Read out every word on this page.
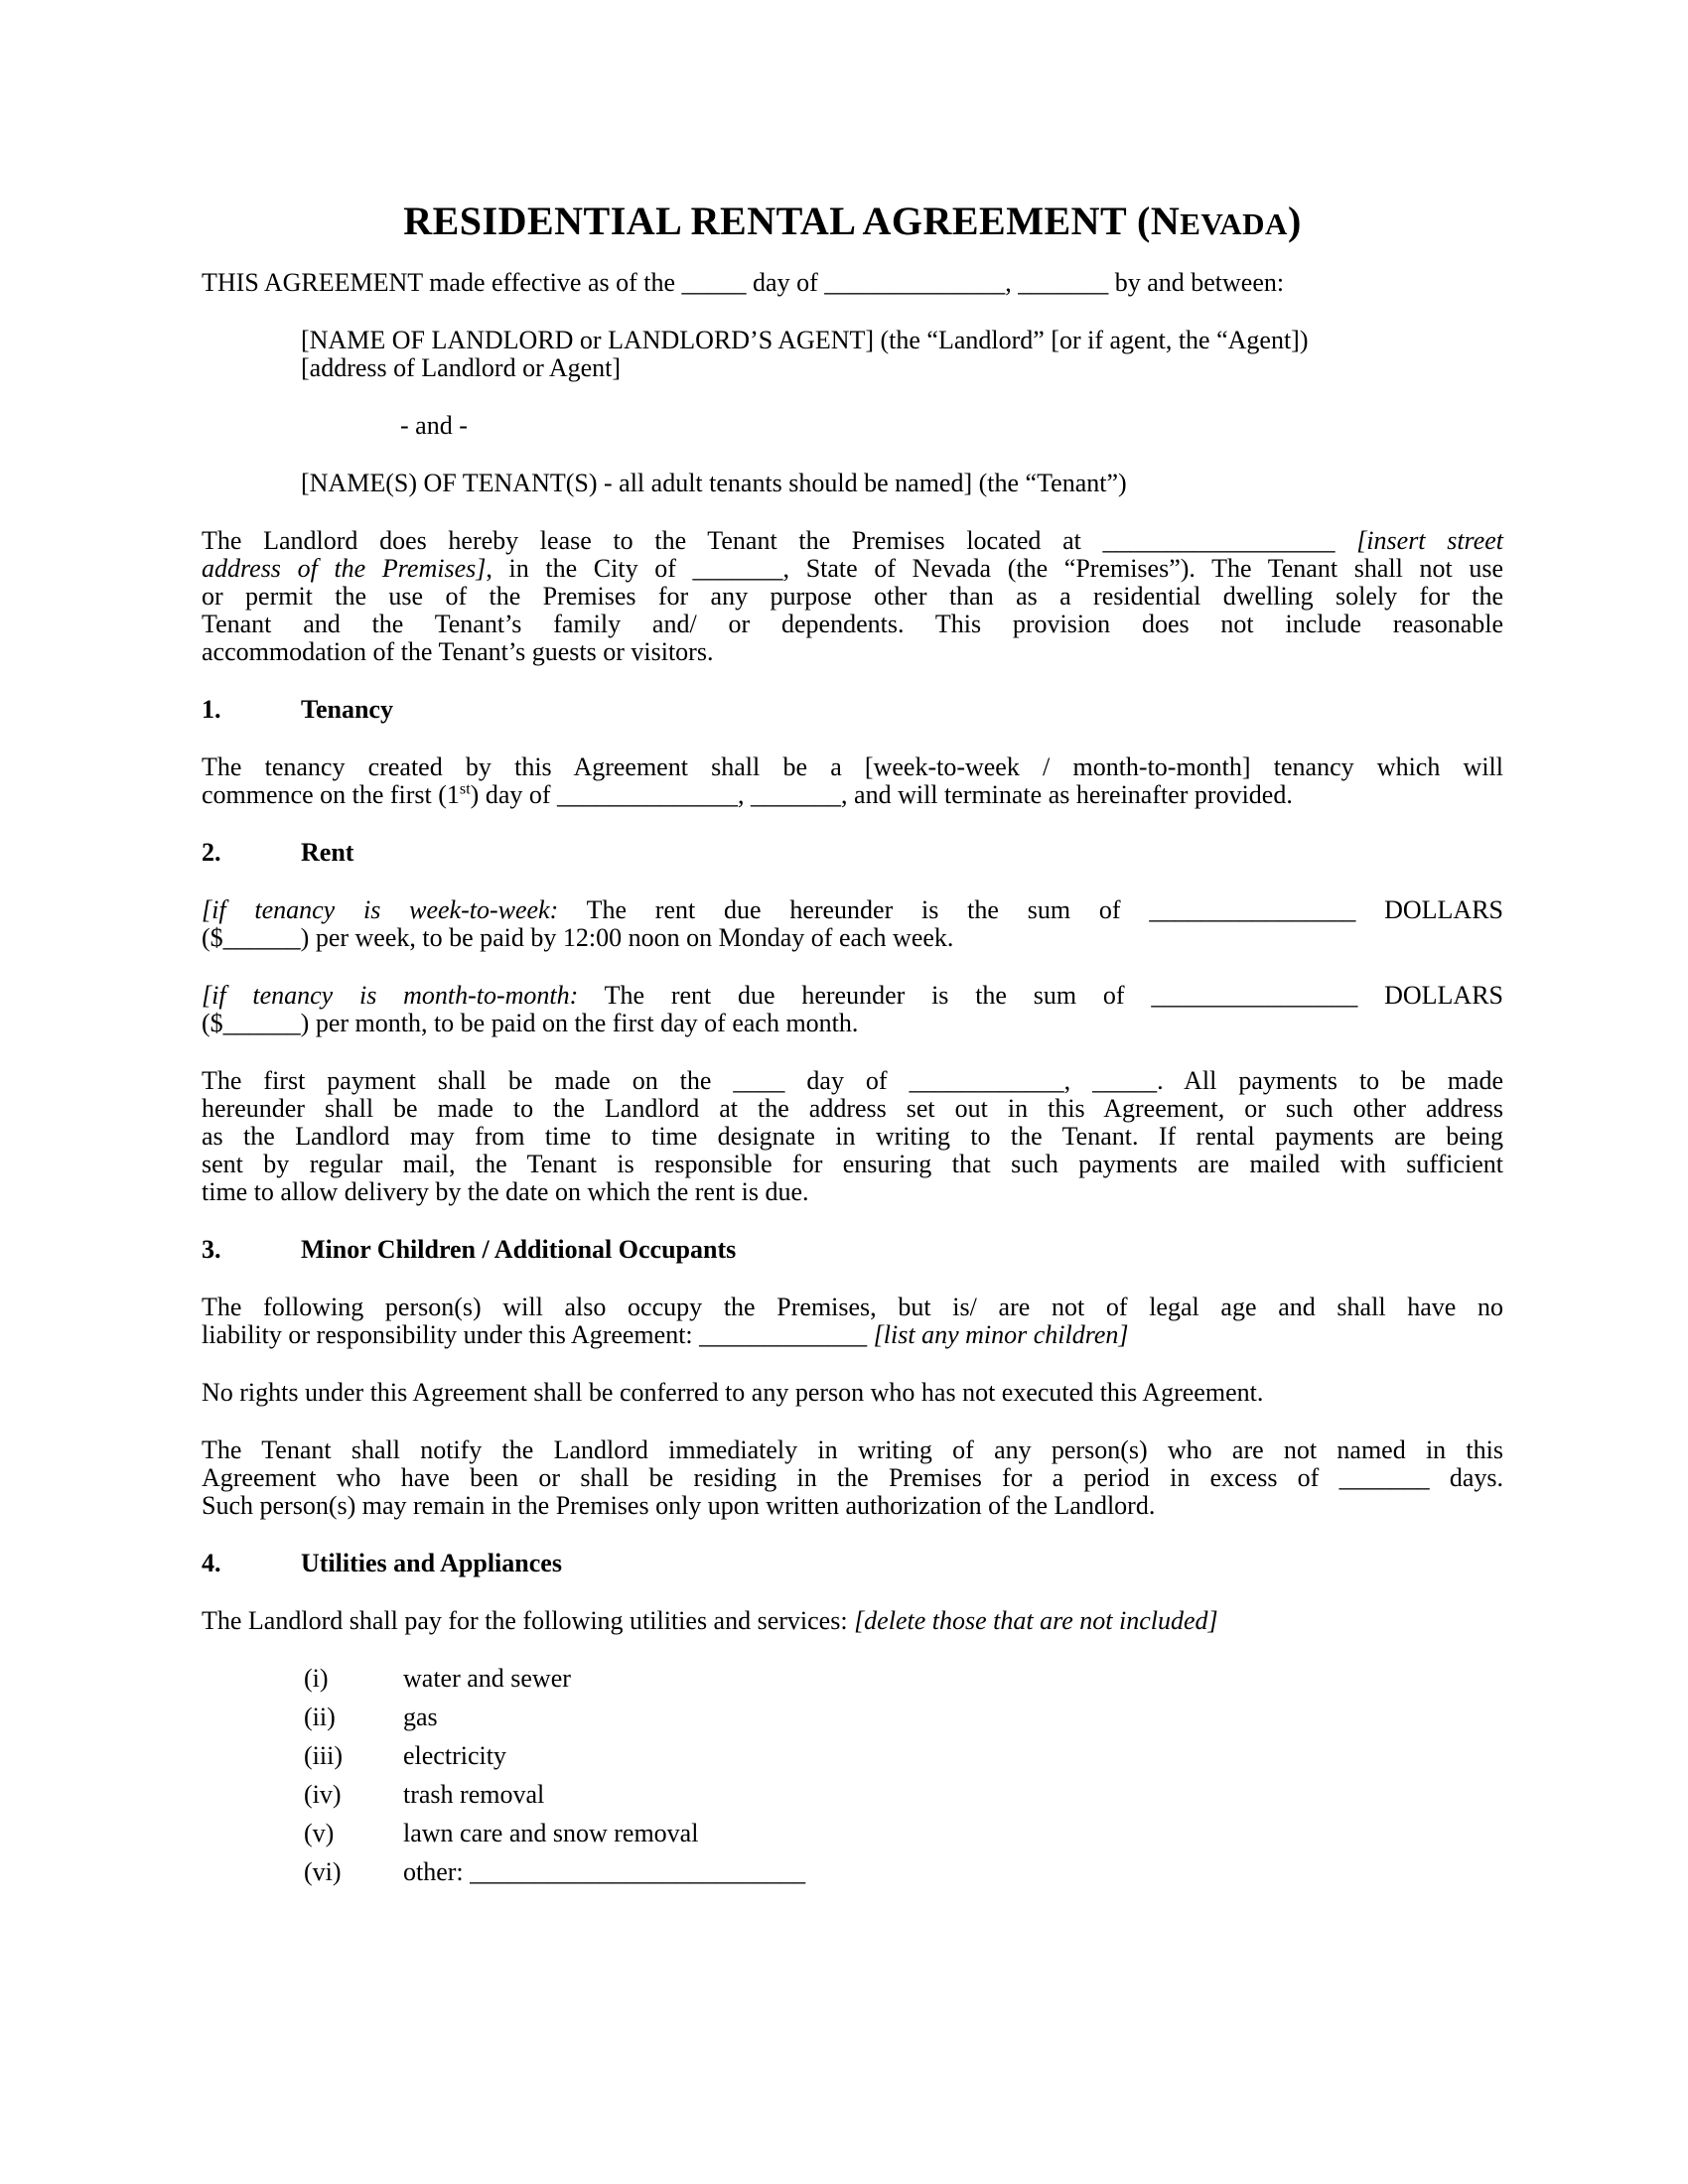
RESIDENTIAL RENTAL AGREEMENT (NEVADA)
THIS AGREEMENT made effective as of the _____ day of ______________, _______ by and between:
[NAME OF LANDLORD or LANDLORD’S AGENT] (the “Landlord” [or if agent, the “Agent])
[address of Landlord or Agent]
- and -
[NAME(S) OF TENANT(S) - all adult tenants should be named] (the “Tenant”)
The Landlord does hereby lease to the Tenant the Premises located at __________________ [insert street
address of the Premises], in the City of _______, State of Nevada (the “Premises”). The Tenant shall not use
or permit the use of the Premises for any purpose other than as a residential dwelling solely for the
Tenant and the Tenant’s family and/ or dependents. This provision does not include reasonable
accommodation of the Tenant’s guests or visitors.
1.	Tenancy
The tenancy created by this Agreement shall be a [week-to-week / month-to-month] tenancy which will
commence on the first (1st) day of ______________, _______, and will terminate as hereinafter provided.
2.	Rent
[if tenancy is week-to-week: The rent due hereunder is the sum of ________________ DOLLARS
($______) per week, to be paid by 12:00 noon on Monday of each week.
[if tenancy is month-to-month: The rent due hereunder is the sum of ________________ DOLLARS
($______) per month, to be paid on the first day of each month.
The first payment shall be made on the ____ day of ____________, _____. All payments to be made
hereunder shall be made to the Landlord at the address set out in this Agreement, or such other address
as the Landlord may from time to time designate in writing to the Tenant. If rental payments are being
sent by regular mail, the Tenant is responsible for ensuring that such payments are mailed with sufficient
time to allow delivery by the date on which the rent is due.
3.	Minor Children / Additional Occupants
The following person(s) will also occupy the Premises, but is/ are not of legal age and shall have no
liability or responsibility under this Agreement: _____________ [list any minor children]
No rights under this Agreement shall be conferred to any person who has not executed this Agreement.
The Tenant shall notify the Landlord immediately in writing of any person(s) who are not named in this
Agreement who have been or shall be residing in the Premises for a period in excess of _______ days.
Such person(s) may remain in the Premises only upon written authorization of the Landlord.
4.	Utilities and Appliances
The Landlord shall pay for the following utilities and services: [delete those that are not included]
(i)	water and sewer
(ii)	gas
(iii)	electricity
(iv)	trash removal
(v)	lawn care and snow removal
(vi)	other: __________________________
